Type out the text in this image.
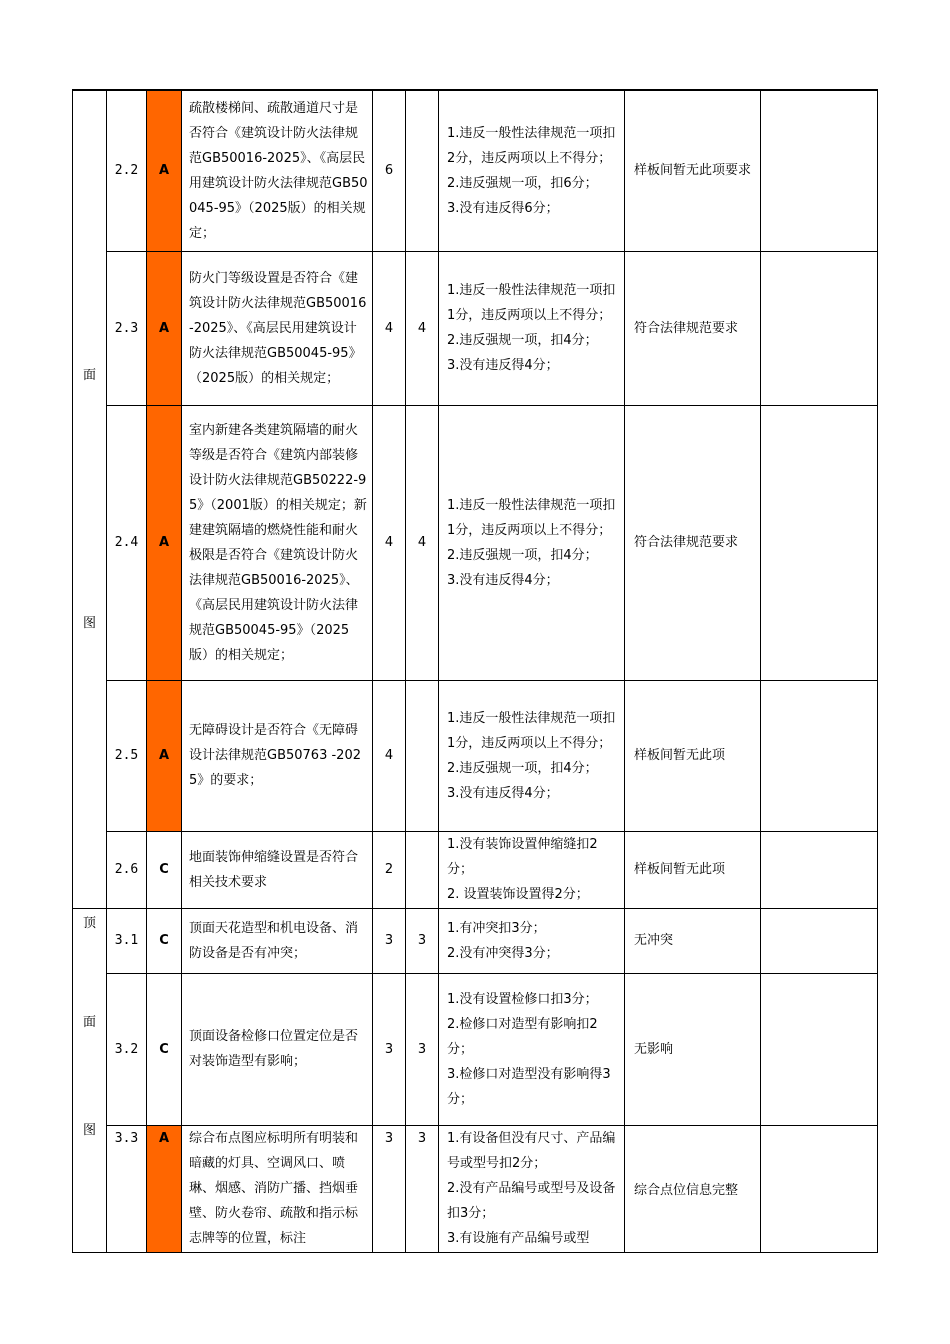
面
图	2.2	A	疏散楼梯间、疏散通道尺寸是否符合《建筑设计防火法律规范GB50016-2025》、《高层民用建筑设计防火法律规范GB50045-95》（2025版）的相关规定；	6		1.违反一般性法律规范一项扣2分，违反两项以上不得分；
2.违反强规一项，扣6分；
3.没有违反得6分；	样板间暂无此项要求	
	2.3	A	防火门等级设置是否符合《建筑设计防火法律规范GB50016-2025》、《高层民用建筑设计防火法律规范GB50045-95》（2025版）的相关规定；	4	4	1.违反一般性法律规范一项扣1分，违反两项以上不得分；
2.违反强规一项，扣4分；
3.没有违反得4分；	符合法律规范要求	
	2.4	A	室内新建各类建筑隔墙的耐火等级是否符合《建筑内部装修设计防火法律规范GB50222-95》（2001版）的相关规定；新建建筑隔墙的燃烧性能和耐火极限是否符合《建筑设计防火法律规范GB50016-2025》、《高层民用建筑设计防火法律规范GB50045-95》（2025版）的相关规定；	4	4	1.违反一般性法律规范一项扣1分，违反两项以上不得分；
2.违反强规一项，扣4分；
3.没有违反得4分；	符合法律规范要求	
	2.5	A	无障碍设计是否符合《无障碍设计法律规范GB50763 -2025》的要求；	4		1.违反一般性法律规范一项扣1分，违反两项以上不得分；
2.违反强规一项，扣4分；
3.没有违反得4分；	样板间暂无此项	
	2.6	C	地面装饰伸缩缝设置是否符合相关技术要求	2		1.没有装饰设置伸缩缝扣2分；
2. 设置装饰设置得2分；	样板间暂无此项	

顶
面
图	3.1	C	顶面天花造型和机电设备、消防设备是否有冲突；	3	3	1.有冲突扣3分；
2.没有冲突得3分；	无冲突	
	3.2	C	顶面设备检修口位置定位是否对装饰造型有影响；	3	3	1.没有设置检修口扣3分；
2.检修口对造型有影响扣2分；
3.检修口对造型没有影响得3分；	无影响	
	3.3	A	综合布点图应标明所有明装和暗藏的灯具、空调风口、喷琳、烟感、消防广播、挡烟垂壁、防火卷帘、疏散和指示标志牌等的位置，标注	3	3	1.有设备但没有尺寸、产品编号或型号扣2分；
2.没有产品编号或型号及设备扣3分；
3.有设施有产品编号或型	综合点位信息完整	
